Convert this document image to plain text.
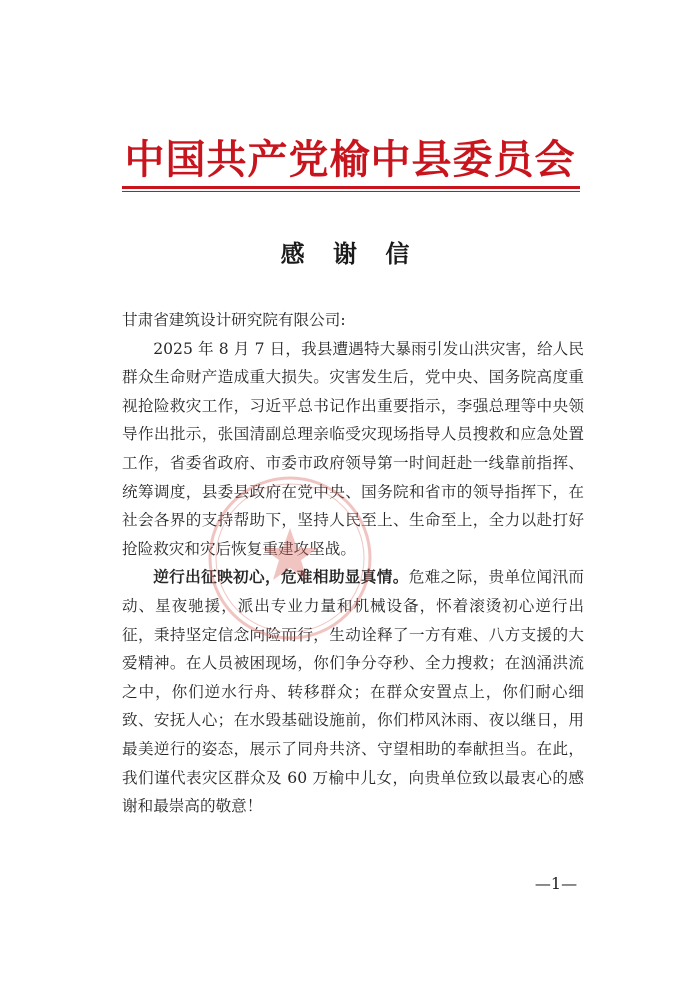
中国共产党榆中县委员会
感 谢 信

甘肃省建筑设计研究院有限公司:

2025 年 8 月 7 日，我县遭遇特大暴雨引发山洪灾害，给人民群众生命财产造成重大损失。灾害发生后，党中央、国务院高度重视抢险救灾工作，习近平总书记作出重要指示，李强总理等中央领导作出批示，张国清副总理亲临受灾现场指导人员搜救和应急处置工作，省委省政府、市委市政府领导第一时间赶赴一线靠前指挥、统筹调度，县委县政府在党中央、国务院和省市的领导指挥下，在社会各界的支持帮助下，坚持人民至上、生命至上，全力以赴打好抢险救灾和灾后恢复重建攻坚战。

逆行出征映初心，危难相助显真情。危难之际，贵单位闻汛而动、星夜驰援，派出专业力量和机械设备，怀着滚烫初心逆行出征，秉持坚定信念向险而行，生动诠释了一方有难、八方支援的大爱精神。在人员被困现场，你们争分夺秒、全力搜救；在汹涌洪流之中，你们逆水行舟、转移群众；在群众安置点上，你们耐心细致、安抚人心；在水毁基础设施前，你们栉风沐雨、夜以继日，用最美逆行的姿态，展示了同舟共济、守望相助的奉献担当。在此，我们谨代表灾区群众及 60 万榆中儿女，向贵单位致以最衷心的感谢和最崇高的敬意！

—1—
